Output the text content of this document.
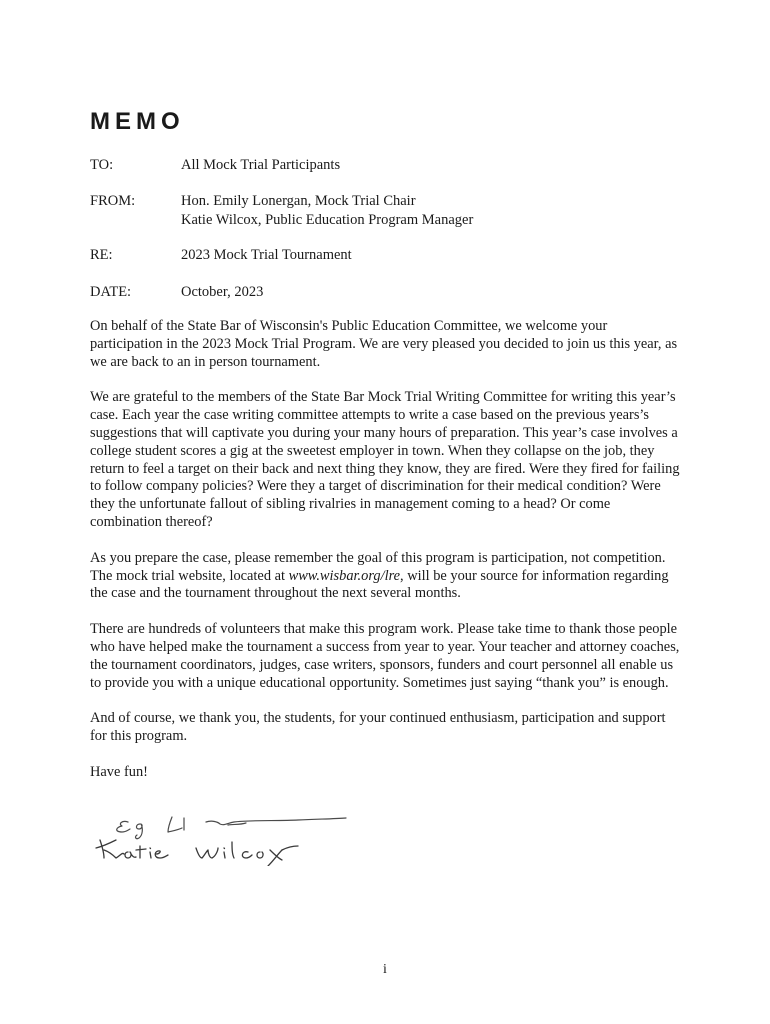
MEMO
TO:	All Mock Trial Participants
FROM:	Hon. Emily Lonergan, Mock Trial Chair
Katie Wilcox, Public Education Program Manager
RE:	2023 Mock Trial Tournament
DATE:	October, 2023

On behalf of the State Bar of Wisconsin's Public Education Committee, we welcome your participation in the 2023 Mock Trial Program. We are very pleased you decided to join us this year, as we are back to an in person tournament.

We are grateful to the members of the State Bar Mock Trial Writing Committee for writing this year’s case. Each year the case writing committee attempts to write a case based on the previous years’s suggestions that will captivate you during your many hours of preparation. This year’s case involves a college student scores a gig at the sweetest employer in town. When they collapse on the job, they return to feel a target on their back and next thing they know, they are fired. Were they fired for failing to follow company policies? Were they a target of discrimination for their medical condition? Were they the unfortunate fallout of sibling rivalries in management coming to a head? Or come combination thereof?

As you prepare the case, please remember the goal of this program is participation, not competition. The mock trial website, located at www.wisbar.org/lre, will be your source for information regarding the case and the tournament throughout the next several months.

There are hundreds of volunteers that make this program work. Please take time to thank those people who have helped make the tournament a success from year to year. Your teacher and attorney coaches, the tournament coordinators, judges, case writers, sponsors, funders and court personnel all enable us to provide you with a unique educational opportunity. Sometimes just saying “thank you” is enough.

And of course, we thank you, the students, for your continued enthusiasm, participation and support for this program.

Have fun!

i
